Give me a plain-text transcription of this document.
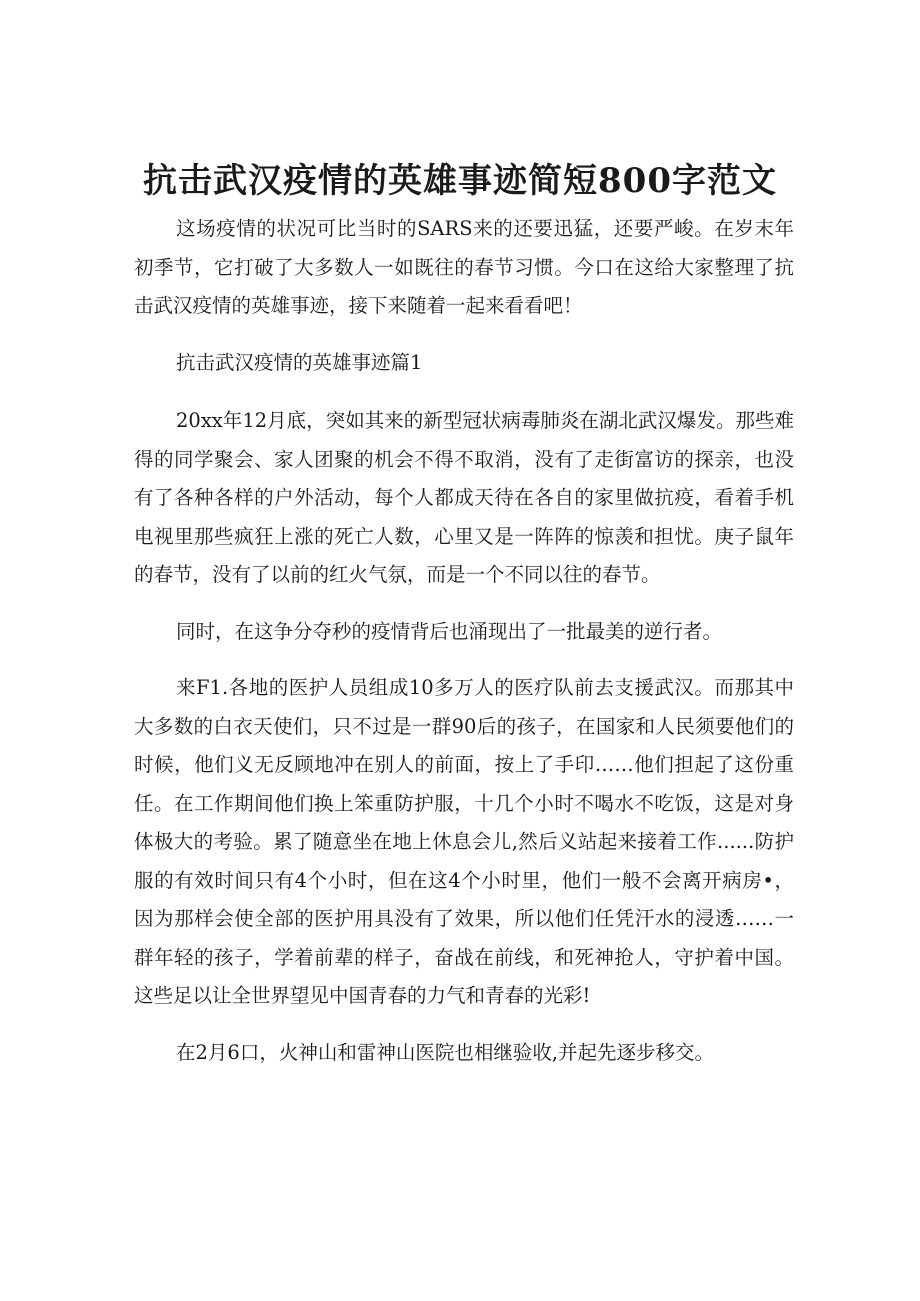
抗击武汉疫情的英雄事迹简短800字范文

这场疫情的状况可比当时的SARS来的还要迅猛，还要严峻。在岁末年初季节，它打破了大多数人一如既往的春节习惯。今口在这给大家整理了抗击武汉疫情的英雄事迹，接下来随着一起来看看吧！

抗击武汉疫情的英雄事迹篇1

20xx年12月底，突如其来的新型冠状病毒肺炎在湖北武汉爆发。那些难得的同学聚会、家人团聚的机会不得不取消，没有了走街富访的探亲，也没有了各种各样的户外活动，每个人都成天待在各自的家里做抗疫，看着手机电视里那些疯狂上涨的死亡人数，心里又是一阵阵的惊羡和担忧。庚子鼠年的春节，没有了以前的红火气氛，而是一个不同以往的春节。

同时，在这争分夺秒的疫情背后也涌现出了一批最美的逆行者。

来F1.各地的医护人员组成10多万人的医疗队前去支援武汉。而那其中大多数的白衣天使们，只不过是一群90后的孩子，在国家和人民须要他们的时候，他们义无反顾地冲在别人的前面，按上了手印……他们担起了这份重任。在工作期间他们换上笨重防护服，十几个小时不喝水不吃饭，这是对身体极大的考验。累了随意坐在地上休息会儿,然后义站起来接着工作......防护服的有效时间只有4个小时，但在这4个小时里，他们一般不会离开病房•，因为那样会使全部的医护用具没有了效果，所以他们任凭汗水的浸透……一群年轻的孩子，学着前辈的样子，奋战在前线，和死神抢人，守护着中国。这些足以让全世界望见中国青春的力气和青春的光彩!

在2月6口，火神山和雷神山医院也相继验收,并起先逐步移交。
